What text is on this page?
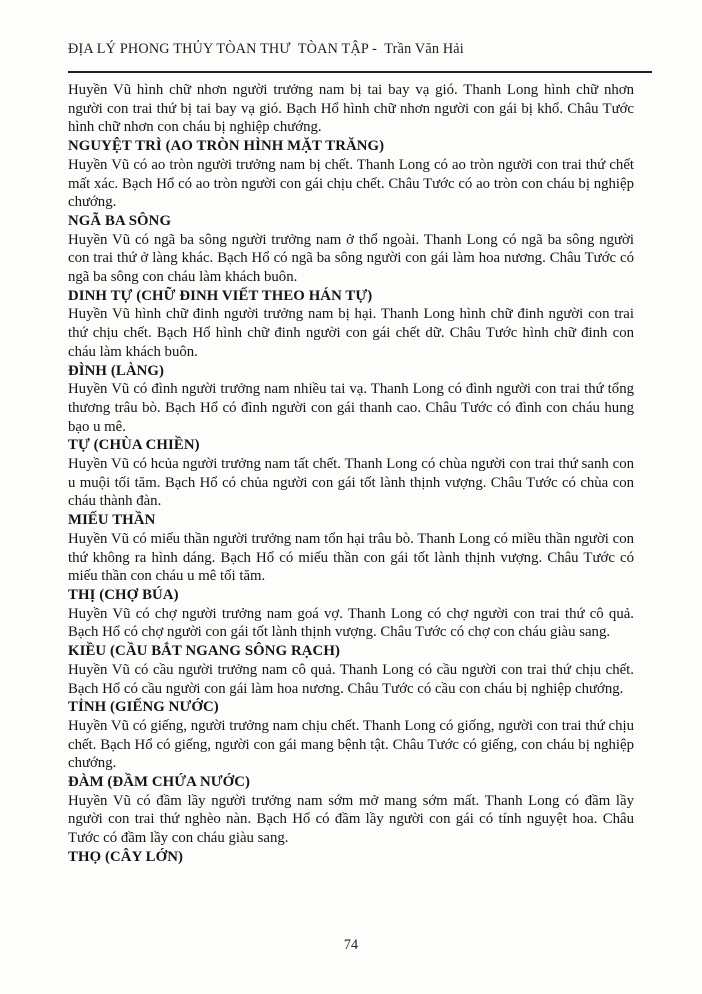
ĐỊA LÝ PHONG THỦY TÒAN THƯ  TÒAN TẬP -  Trần Văn Hải

Huyền Vũ hình chữ nhơn người trưởng nam bị tai bay vạ gió. Thanh Long hình chữ nhơn người con trai thứ bị tai bay vạ gió. Bạch Hổ hình chữ nhơn người con gái bị khổ. Châu Tước hình chữ nhơn con cháu bị nghiệp chướng.

NGUYỆT TRÌ (AO TRÒN HÌNH MẶT TRĂNG)

Huyền Vũ có ao tròn người trưởng nam bị chết. Thanh Long có ao tròn người con trai thứ chết mất xác. Bạch Hổ có ao tròn người con gái chịu chết. Châu Tước có ao tròn con cháu bị nghiệp chướng.

NGÃ BA SÔNG

Huyền Vũ có ngã ba sông người trưởng nam ở thổ ngoài. Thanh Long có ngã ba sông người con trai thứ ở làng khác. Bạch Hổ có ngã ba sông người con gái làm hoa nương. Châu Tước có ngã ba sông con cháu làm khách buôn.

DINH TỰ (CHỮ ĐINH VIẾT THEO HÁN TỰ)

Huyền Vũ hình chữ đinh người trưởng nam bị hại. Thanh Long hình chữ đinh người con trai thứ chịu chết. Bạch Hổ hình chữ đinh người con gái chết dữ. Châu Tước hình chữ đinh con cháu làm khách buôn.

ĐÌNH (LÀNG)

Huyền Vũ có đình người trưởng nam nhiều tai vạ. Thanh Long có đình người con trai thứ tổng thương trâu bò. Bạch Hổ có đình người con gái thanh cao. Châu Tước có đình con cháu hung bạo u mê.

TỰ (CHÙA CHIỀN)

Huyền Vũ có hcủa người trưởng nam tất chết. Thanh Long có chùa người con trai thứ sanh con u muội tối tăm. Bạch Hổ có chủa người con gái tốt lành thịnh vượng. Châu Tước có chùa con cháu thành đàn.

MIẾU THẦN

Huyền Vũ có miếu thần người trưởng nam tổn hại trâu bò. Thanh Long có miều thần người con thứ không ra hình dáng. Bạch Hổ có miếu thần con gái tốt lành thịnh vượng. Châu Tước có miếu thần con cháu u mê tối tăm.

THỊ (CHỢ BÚA)

Huyền Vũ có chợ người trưởng nam goá vợ. Thanh Long có chợ người con trai thứ cô quả. Bạch Hổ có chợ người con gái tốt lành thịnh vượng. Châu Tước có chợ con cháu giàu sang.

KIỀU (CẦU BẮT NGANG SÔNG RẠCH)

Huyền Vũ có cầu người trưởng nam cô quả. Thanh Long có cầu người con trai thứ chịu chết. Bạch Hổ có cầu người con gái làm hoa nương. Châu Tước có cầu con cháu bị nghiệp chướng.

TỈNH (GIẾNG NƯỚC)

Huyền Vũ có giếng, người trưởng nam chịu chết. Thanh Long có giống, người con trai thứ chịu chết. Bạch Hổ có giếng, người con gái mang bệnh tật. Châu Tước có giếng, con cháu bị nghiệp chướng.

ĐÀM (ĐẦM CHỨA NƯỚC)

Huyền Vũ có đầm lầy người trưởng nam sớm mở mang sớm mất. Thanh Long có đầm lầy người con trai thứ nghèo nàn. Bạch Hổ có đầm lầy người con gái có tính nguyệt hoa. Châu Tước có đầm lầy con cháu giàu sang.

THỌ (CÂY LỚN)

74
